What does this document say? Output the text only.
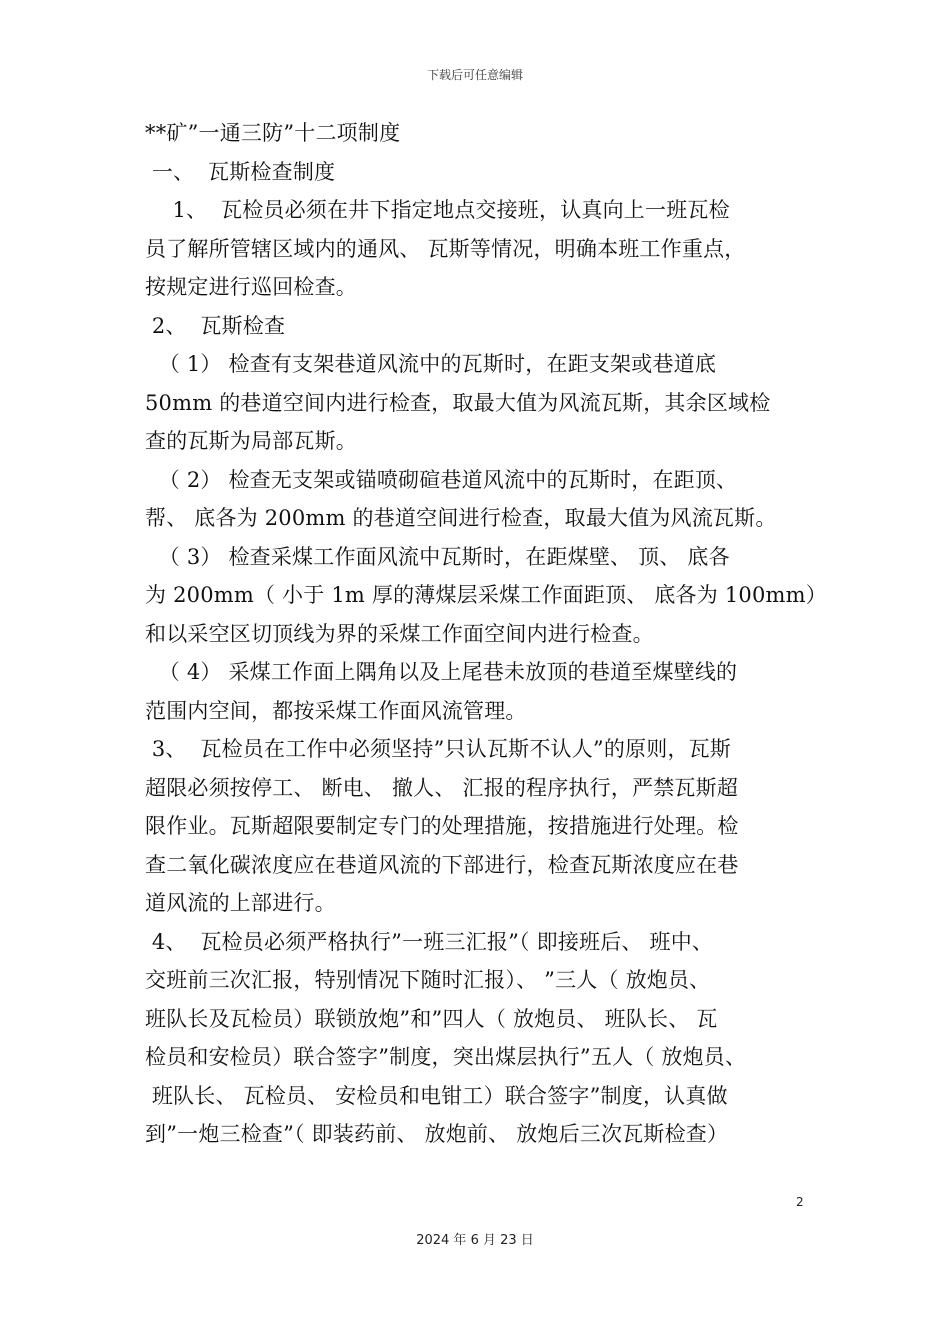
下载后可任意编辑
**矿”一通三防”十二项制度
一、  瓦斯检查制度
1、  瓦检员必须在井下指定地点交接班，认真向上一班瓦检
员了解所管辖区域内的通风、 瓦斯等情况，明确本班工作重点，
按规定进行巡回检查。
2、  瓦斯检查
（ 1） 检查有支架巷道风流中的瓦斯时，在距支架或巷道底
50mm 的巷道空间内进行检查，取最大值为风流瓦斯，其余区域检
查的瓦斯为局部瓦斯。
（ 2） 检查无支架或锚喷砌碹巷道风流中的瓦斯时，在距顶、
帮、 底各为 200mm 的巷道空间进行检查，取最大值为风流瓦斯。
（ 3） 检查采煤工作面风流中瓦斯时，在距煤壁、 顶、 底各
为 200mm（ 小于 1m 厚的薄煤层采煤工作面距顶、 底各为 100mm）
和以采空区切顶线为界的采煤工作面空间内进行检查。
（ 4） 采煤工作面上隅角以及上尾巷未放顶的巷道至煤壁线的
范围内空间，都按采煤工作面风流管理。
3、  瓦检员在工作中必须坚持”只认瓦斯不认人”的原则，瓦斯
超限必须按停工、 断电、 撤人、 汇报的程序执行，严禁瓦斯超
限作业。瓦斯超限要制定专门的处理措施，按措施进行处理。检
查二氧化碳浓度应在巷道风流的下部进行，检查瓦斯浓度应在巷
道风流的上部进行。
4、  瓦检员必须严格执行”一班三汇报”（ 即接班后、 班中、
交班前三次汇报，特别情况下随时汇报）、 ”三人（ 放炮员、
班队长及瓦检员）联锁放炮”和”四人（ 放炮员、 班队长、 瓦
检员和安检员）联合签字”制度，突出煤层执行”五人（ 放炮员、
班队长、 瓦检员、 安检员和电钳工）联合签字”制度，认真做
到”一炮三检查”（ 即装药前、 放炮前、 放炮后三次瓦斯检查）
2
2024 年 6 月 23 日
